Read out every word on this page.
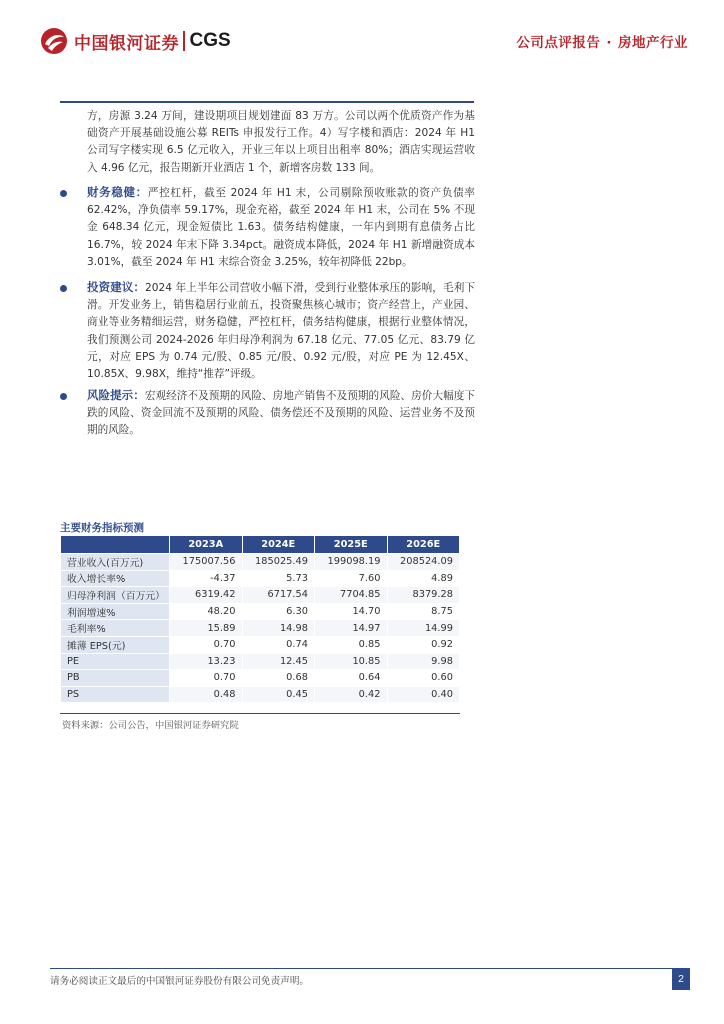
中国银河证券 CGS	公司点评报告 · 房地产行业
方，房源 3.24 万间，建设期项目规划建面 83 万方。公司以两个优质资产作为基础资产开展基础设施公募 REITs 申报发行工作。4）写字楼和酒店：2024 年 H1 公司写字楼实现 6.5 亿元收入，开业三年以上项目出租率 80%；酒店实现运营收入 4.96 亿元，报告期新开业酒店 1 个，新增客房数 133 间。
财务稳健：严控杠杆，截至 2024 年 H1 末，公司剔除预收账款的资产负债率 62.42%，净负债率 59.17%，现金充裕，截至 2024 年 H1 末，公司在 5% 不现金 648.34 亿元，现金短债比 1.63。债务结构健康，一年内到期有息债务占比 16.7%，较 2024 年末下降 3.34pct。融资成本降低，2024 年 H1 新增融资成本 3.01%，截至 2024 年 H1 末综合资金 3.25%，较年初降低 22bp。
投资建议：2024 年上半年公司营收小幅下滑，受到行业整体承压的影响，毛利下滑。开发业务上，销售稳居行业前五，投资聚焦核心城市；资产经营上，产业园、商业等业务精细运营，财务稳健，严控杠杆，债务结构健康，根据行业整体情况，我们预测公司 2024-2026 年归母净利润为 67.18 亿元、77.05 亿元、83.79 亿元，对应 EPS 为 0.74 元/股、0.85 元/股、0.92 元/股，对应 PE 为 12.45X、10.85X、9.98X，维持“推荐”评级。
风险提示：宏观经济不及预期的风险、房地产销售不及预期的风险、房价大幅度下跌的风险、资金回流不及预期的风险、债务偿还不及预期的风险、运营业务不及预期的风险。
主要财务指标预测
	2023A	2024E	2025E	2026E
营业收入(百万元)	175007.56	185025.49	199098.19	208524.09
收入增长率%	-4.37	5.73	7.60	4.89
归母净利润（百万元）	6319.42	6717.54	7704.85	8379.28
利润增速%	48.20	6.30	14.70	8.75
毛利率%	15.89	14.98	14.97	14.99
摊薄 EPS(元)	0.70	0.74	0.85	0.92
PE	13.23	12.45	10.85	9.98
PB	0.70	0.68	0.64	0.60
PS	0.48	0.45	0.42	0.40
资料来源：公司公告，中国银河证券研究院
请务必阅读正文最后的中国银河证券股份有限公司免责声明。	2
